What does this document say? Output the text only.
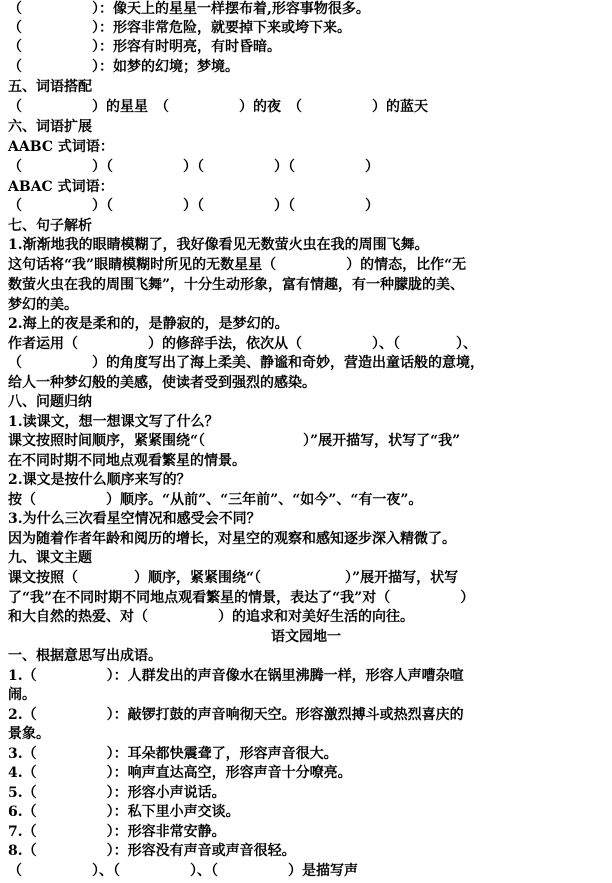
（　　　　　）：像天上的星星一样摆布着,形容事物很多。
（　　　　　）：形容非常危险，就要掉下来或垮下来。
（　　　　　）：形容有时明亮，有时昏暗。
（　　　　　）：如梦的幻境；梦境。
五、词语搭配
（　　　　　）的星星　（　　　　　）的夜　（　　　　　）的蓝天
六、词语扩展
AABC 式词语：
（　　　　　）（　　　　　）（　　　　　）（　　　　　）
ABAC 式词语：
（　　　　　）（　　　　　）（　　　　　）（　　　　　）
七、句子解析
1.渐渐地我的眼睛模糊了，我好像看见无数萤火虫在我的周围飞舞。
这句话将“我”眼睛模糊时所见的无数星星（　　　　　）的情态，比作“无
数萤火虫在我的周围飞舞”，十分生动形象，富有情趣，有一种朦胧的美、
梦幻的美。
2.海上的夜是柔和的，是静寂的，是梦幻的。
作者运用（　　　　　）的修辞手法，依次从（　　　　　）、（　　　　）、
（　　　　　）的角度写出了海上柔美、静谧和奇妙，营造出童话般的意境，
给人一种梦幻般的美感，使读者受到强烈的感染。
八、问题归纳
1.读课文，想一想课文写了什么？
课文按照时间顺序，紧紧围绕“（　　　　　　　）”展开描写，状写了“我”
在不同时期不同地点观看繁星的情景。
2.课文是按什么顺序来写的？
按（　　　　　）顺序。“从前”、“三年前”、“如今”、“有一夜”。
3.为什么三次看星空情况和感受会不同？
因为随着作者年龄和阅历的增长，对星空的观察和感知逐步深入精微了。
九、课文主题
课文按照（　　　　）顺序，紧紧围绕“（　　　　　　）”展开描写，状写
了“我”在不同时期不同地点观看繁星的情景，表达了“我”对（　　　　　）
和大自然的热爱、对（　　　　　）的追求和对美好生活的向往。
语文园地一
一、根据意思写出成语。
1.（　　　　　）：人群发出的声音像水在锅里沸腾一样，形容人声嘈杂喧
闹。
2.（　　　　　）：敲锣打鼓的声音响彻天空。形容激烈搏斗或热烈喜庆的
景象。
3.（　　　　　）：耳朵都快震聋了，形容声音很大。
4.（　　　　　）：响声直达高空，形容声音十分嘹亮。
5.（　　　　　）：形容小声说话。
6.（　　　　　）：私下里小声交谈。
7.（　　　　　）：形容非常安静。
8.（　　　　　）：形容没有声音或声音很轻。
（　　　　　）、（　　　　　）、（　　　　　）是描写声
